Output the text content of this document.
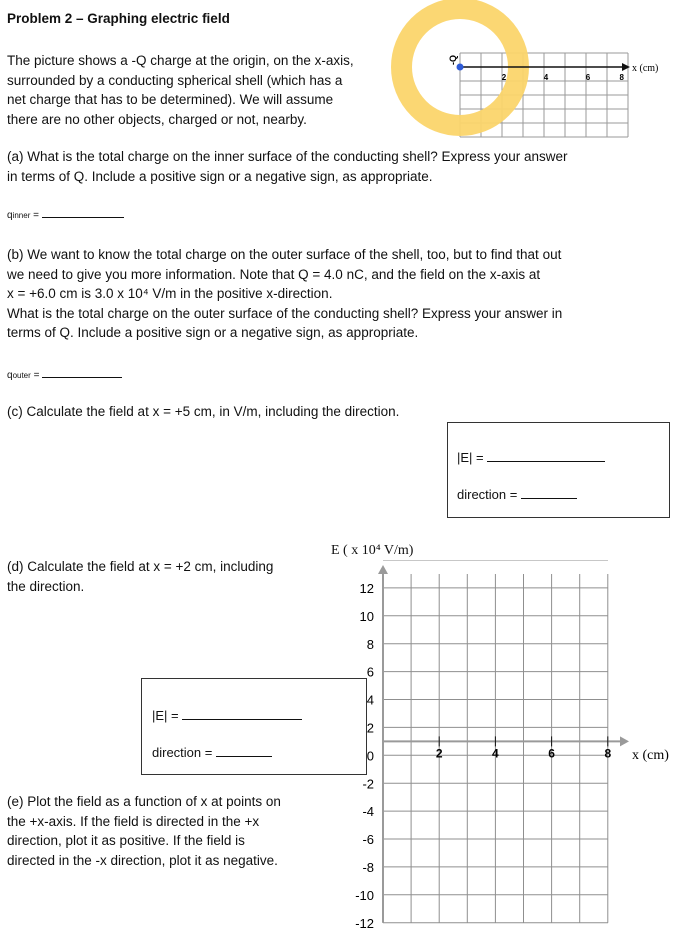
Problem 2 – Graphing electric field
The picture shows a -Q charge at the origin, on the x-axis,
surrounded by a conducting spherical shell (which has a
net charge that has to be determined). We will assume
there are no other objects, charged or not, nearby.
-Q
2	4	6	8
x (cm)
(a) What is the total charge on the inner surface of the conducting shell? Express your answer
in terms of Q. Include a positive sign or a negative sign, as appropriate.
qinner =
(b) We want to know the total charge on the outer surface of the shell, too, but to find that out
we need to give you more information. Note that Q = 4.0 nC, and the field on the x-axis at
x = +6.0 cm is 3.0 x 10⁴ V/m in the positive x-direction.
What is the total charge on the outer surface of the conducting shell? Express your answer in
terms of Q. Include a positive sign or a negative sign, as appropriate.
qouter =
(c) Calculate the field at x = +5 cm, in V/m, including the direction.
|E| =
direction =
(d) Calculate the field at x = +2 cm, including
the direction.
|E| =
direction =
(e) Plot the field as a function of x at points on
the +x-axis. If the field is directed in the +x
direction, plot it as positive. If the field is
directed in the -x direction, plot it as negative.
E ( x 10⁴ V/m)
12
10
8
6
4
2
0
-2
-4
-6
-8
-10
-12
2	4	6	8 x (cm)
